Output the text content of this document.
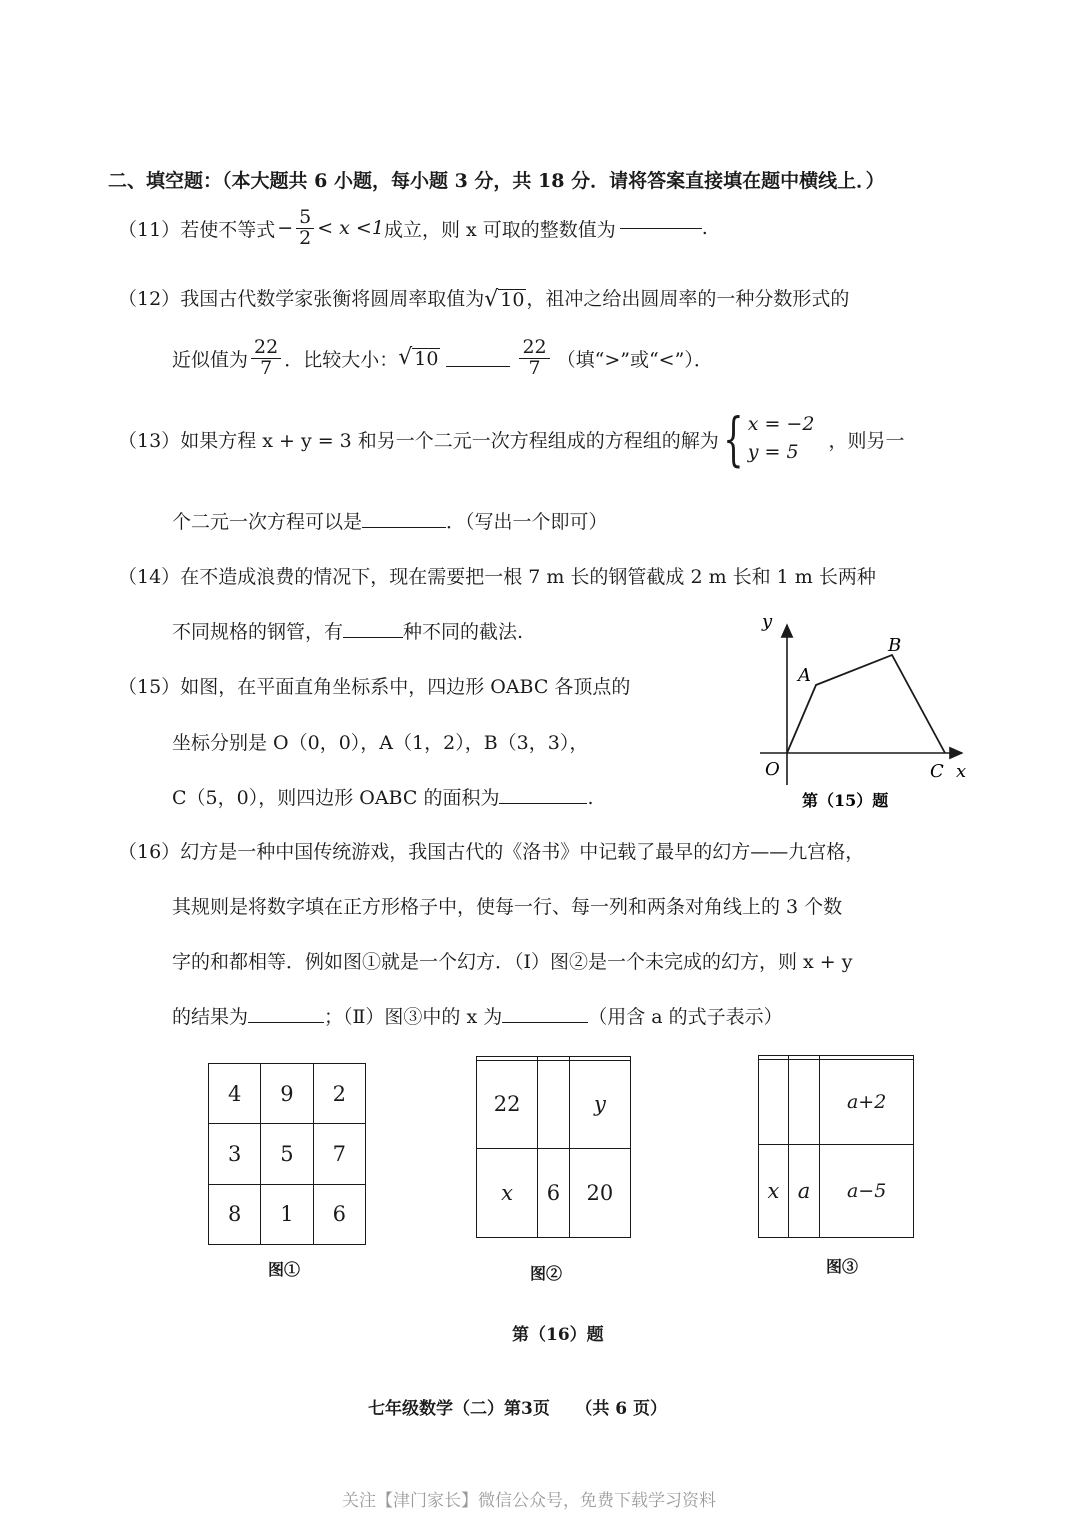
二、填空题：（本大题共 6 小题，每小题 3 分，共 18 分．请将答案直接填在题中横线上．）
（11） 若使不等式 − $\frac{5}{2} < x <1$ 成立，则 x 可取的整数值为	.
（12） 我国古代数学家张衡将圆周率取值为 √ 10 ，祖冲之给出圆周率的一种分数形式的
近似值为 $\frac{22}{7}$ ．比较大小： √ 10	$\frac{22}{7}$ （填“>”或“<”）．
（13） 如果方程 x + y = 3 和另一个二元一次方程组成的方程组的解为 { x = −2
y = 5
，则另一
个二元一次方程可以是	．（写出一个即可）
（14）在不造成浪费的情况下，现在需要把一根 7 m 长的钢管截成 2 m 长和 1 m 长两种
不同规格的钢管，有	种不同的截法.
（15）如图，在平面直角坐标系中，四边形 OABC 各顶点的
坐标分别是 O（0，0），A（1，2），B（3，3），
C（5，0），则四边形 OABC 的面积为	.
y
x
O
A
B
C
第（15）题
（16）幻方是一种中国传统游戏，我国古代的《洛书》中记载了最早的幻方——九宫格，
其规则是将数字填在正方形格子中，使每一行、每一列和两条对角线上的 3 个数
字的和都相等．例如图①就是一个幻方．（Ⅰ）图②是一个未完成的幻方，则 x + y
的结果为	；（Ⅱ）图③中的 x 为	（用含 a 的式子表示）
4	9	2
3	5	7
8	1	6
图①

22		y
x	6	20
图②

		a+2
x	a	a−5
图③
第（16）题
七年级数学（二）第3页　　（共 6 页）
关注【津门家长】微信公众号，免费下载学习资料
